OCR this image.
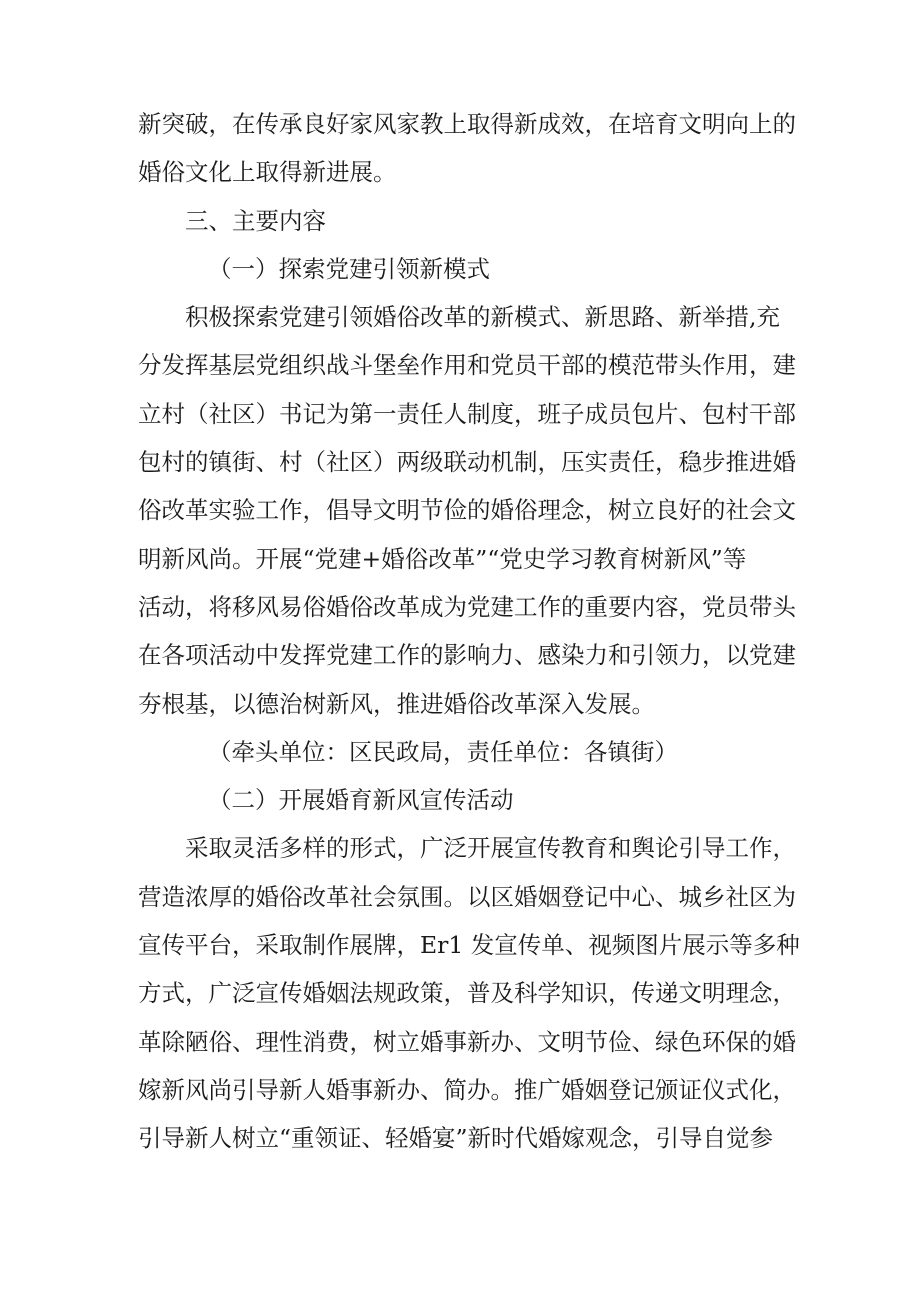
新突破，在传承良好家风家教上取得新成效，在培育文明向上的
婚俗文化上取得新进展。
三、主要内容
（一）探索党建引领新模式
积极探索党建引领婚俗改革的新模式、新思路、新举措,充
分发挥基层党组织战斗堡垒作用和党员干部的模范带头作用，建
立村（社区）书记为第一责任人制度，班子成员包片、包村干部
包村的镇街、村（社区）两级联动机制，压实责任，稳步推进婚
俗改革实验工作，倡导文明节俭的婚俗理念，树立良好的社会文
明新风尚。开展“党建+婚俗改革”“党史学习教育树新风”等
活动，将移风易俗婚俗改革成为党建工作的重要内容，党员带头
在各项活动中发挥党建工作的影响力、感染力和引领力，以党建
夯根基，以德治树新风，推进婚俗改革深入发展。
（牵头单位：区民政局，责任单位：各镇街）
（二）开展婚育新风宣传活动
采取灵活多样的形式，广泛开展宣传教育和舆论引导工作，
营造浓厚的婚俗改革社会氛围。以区婚姻登记中心、城乡社区为
宣传平台，采取制作展牌，Er1 发宣传单、视频图片展示等多种
方式，广泛宣传婚姻法规政策，普及科学知识，传递文明理念，
革除陋俗、理性消费，树立婚事新办、文明节俭、绿色环保的婚
嫁新风尚引导新人婚事新办、简办。推广婚姻登记颁证仪式化，
引导新人树立“重领证、轻婚宴”新时代婚嫁观念，引导自觉参
